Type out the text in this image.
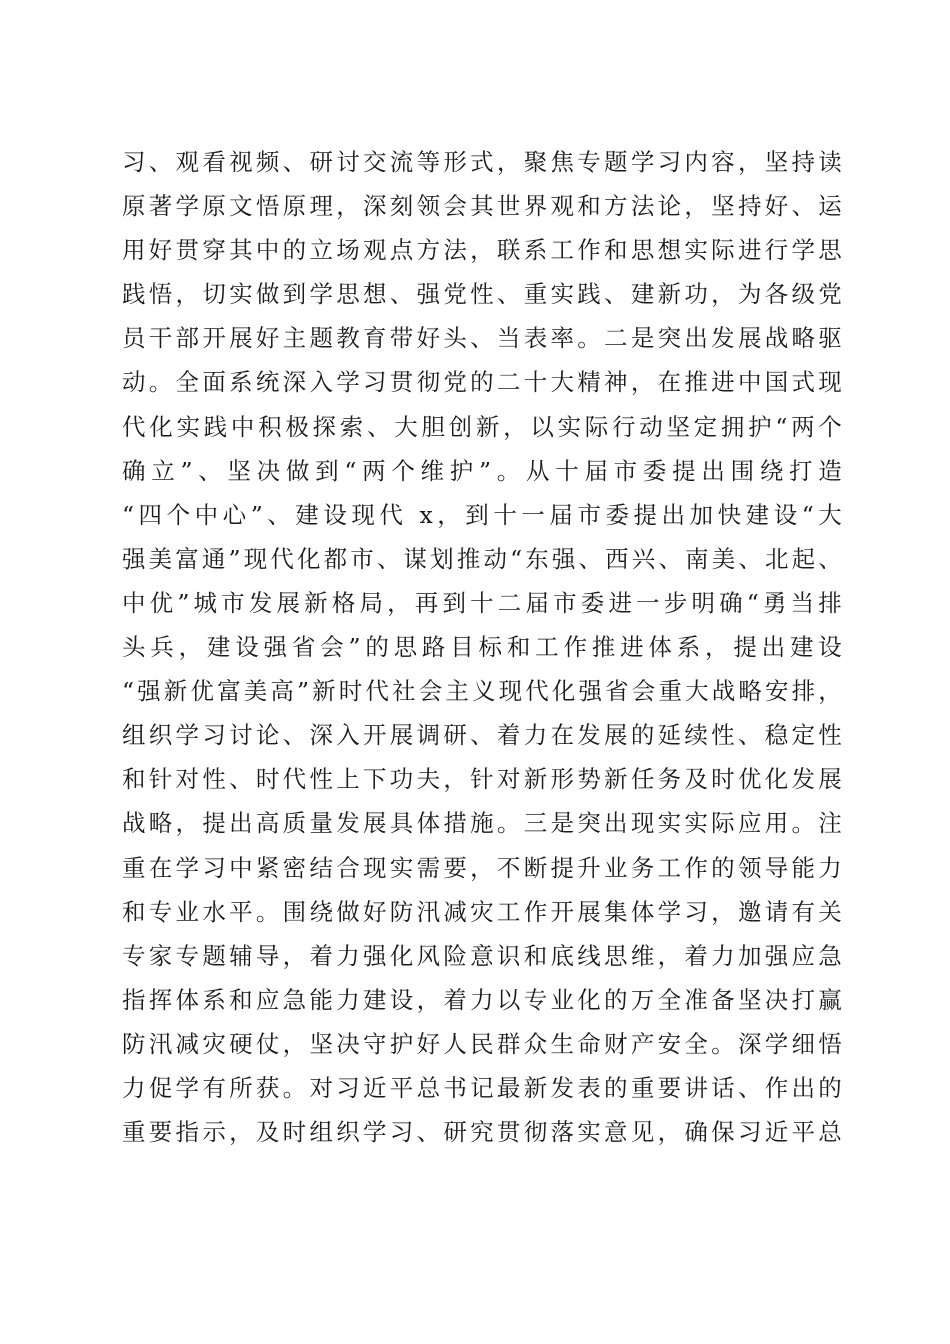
习、观看视频、研讨交流等形式，聚焦专题学习内容，坚持读
原著学原文悟原理，深刻领会其世界观和方法论，坚持好、运
用好贯穿其中的立场观点方法，联系工作和思想实际进行学思
践悟，切实做到学思想、强党性、重实践、建新功，为各级党
员干部开展好主题教育带好头、当表率。二是突出发展战略驱
动。全面系统深入学习贯彻党的二十大精神，在推进中国式现
代化实践中积极探索、大胆创新，以实际行动坚定拥护“两个
确立”、坚决做到“两个维护”。从十届市委提出围绕打造
“四个中心”、建设现代 x，到十一届市委提出加快建设“大
强美富通”现代化都市、谋划推动“东强、西兴、南美、北起、
中优”城市发展新格局，再到十二届市委进一步明确“勇当排
头兵，建设强省会”的思路目标和工作推进体系，提出建设
“强新优富美高”新时代社会主义现代化强省会重大战略安排，
组织学习讨论、深入开展调研、着力在发展的延续性、稳定性
和针对性、时代性上下功夫，针对新形势新任务及时优化发展
战略，提出高质量发展具体措施。三是突出现实实际应用。注
重在学习中紧密结合现实需要，不断提升业务工作的领导能力
和专业水平。围绕做好防汛减灾工作开展集体学习，邀请有关
专家专题辅导，着力强化风险意识和底线思维，着力加强应急
指挥体系和应急能力建设，着力以专业化的万全准备坚决打赢
防汛减灾硬仗，坚决守护好人民群众生命财产安全。深学细悟
力促学有所获。对习近平总书记最新发表的重要讲话、作出的
重要指示，及时组织学习、研究贯彻落实意见，确保习近平总
